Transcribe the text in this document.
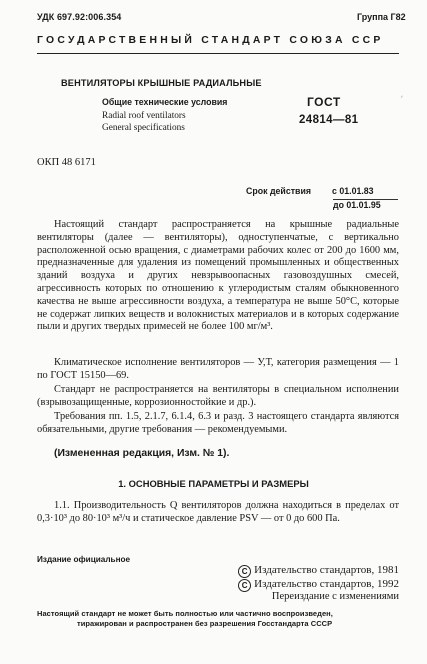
УДК 697.92:006.354	Группа Г82
ГОСУДАРСТВЕННЫЙ СТАНДАРТ СОЮЗА ССР
ВЕНТИЛЯТОРЫ КРЫШНЫЕ РАДИАЛЬНЫЕ
Общие технические условия
Radial roof ventilators
General specifications
ГОСТ
24814—81
ʹ
ОКП 48 6171
Срок действия с 01.01.83
до 01.01.95
Настоящий стандарт распространяется на крышные радиальные вентиляторы (далее — вентиляторы), одноступенчатые, с вертикально расположенной осью вращения, с диаметрами рабочих колес от 200 до 1600 мм, предназначенные для удаления из помещений промышленных и общественных зданий воздуха и других невзрывоопасных газовоздушных смесей, агрессивность которых по отношению к углеродистым сталям обыкновенного качества не выше агрессивности воздуха, а температура не выше 50°С, которые не содержат липких веществ и волокнистых материалов и в которых содержание пыли и других твердых примесей не более 100 мг/м³.
Климатическое исполнение вентиляторов — У,Т, категория размещения — 1 по ГОСТ 15150—69.
Стандарт не распространяется на вентиляторы в специальном исполнении (взрывозащищенные, коррозионностойкие и др.).
Требования пп. 1.5, 2.1.7, 6.1.4, 6.3 и разд. 3 настоящего стандарта являются обязательными, другие требования — рекомендуемыми.
(Измененная редакция, Изм. № 1).
1. ОСНОВНЫЕ ПАРАМЕТРЫ И РАЗМЕРЫ
1.1. Производительность Q вентиляторов должна находиться в пределах от 0,3·10³ до 80·10³ м³/ч и статическое давление PSV — от 0 до 600 Па.
Издание официальное
C Издательство стандартов, 1981
C Издательство стандартов, 1992
Переиздание с изменениями
Настоящий стандарт не может быть полностью или частично воспроизведен,
тиражирован и распространен без разрешения Госстандарта СССР
